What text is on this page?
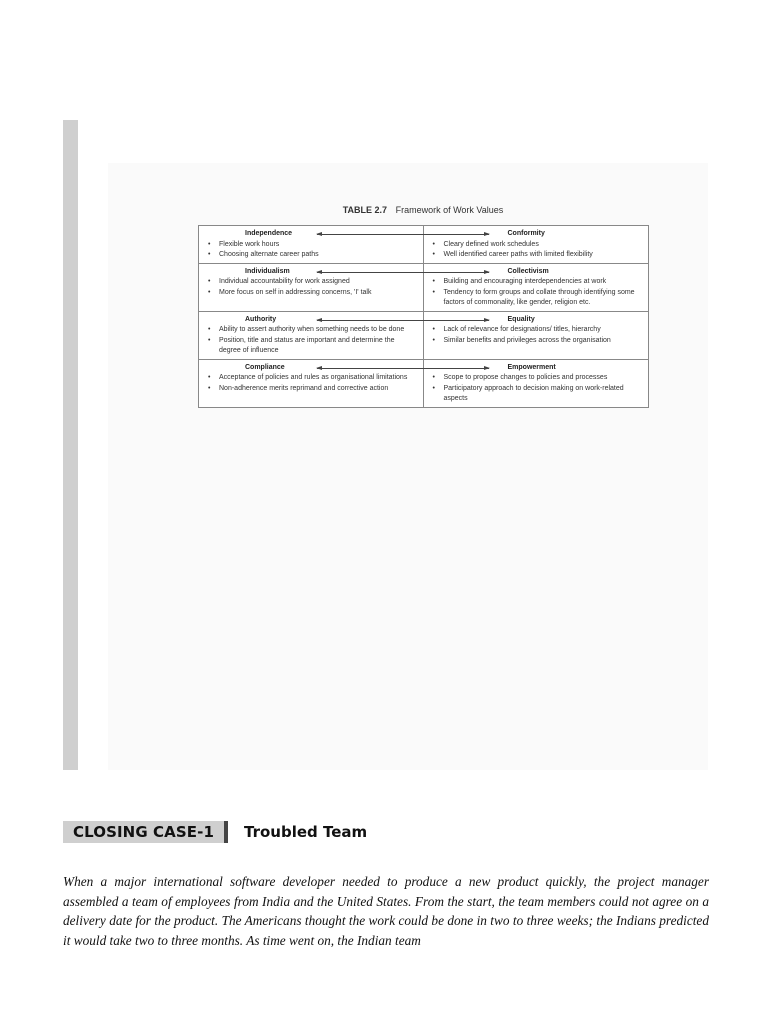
TABLE 2.7 Framework of Work Values
Independence
• Flexible work hours
• Choosing alternate career paths
Conformity
• Cleary defined work schedules
• Well identified career paths with limited flexibility
Individualism
• Individual accountability for work assigned
• More focus on self in addressing concerns, 'I' talk
Collectivism
• Building and encouraging interdependencies at work
• Tendency to form groups and collate through identifying some factors of commonality, like gender, religion etc.
Authority
• Ability to assert authority when something needs to be done
• Position, title and status are important and determine the degree of influence
Equality
• Lack of relevance for designations/ titles, hierarchy
• Similar benefits and privileges across the organisation
Compliance
• Acceptance of policies and rules as organisational limitations
• Non-adherence merits reprimand and corrective action
Empowerment
• Scope to propose changes to policies and processes
• Participatory approach to decision making on work-related aspects
CLOSING CASE-1	Troubled Team

When a major international software developer needed to produce a new product quickly, the project manager assembled a team of employees from India and the United States. From the start, the team members could not agree on a delivery date for the product. The Americans thought the work could be done in two to three weeks; the Indians predicted it would take two to three months. As time went on, the Indian team
